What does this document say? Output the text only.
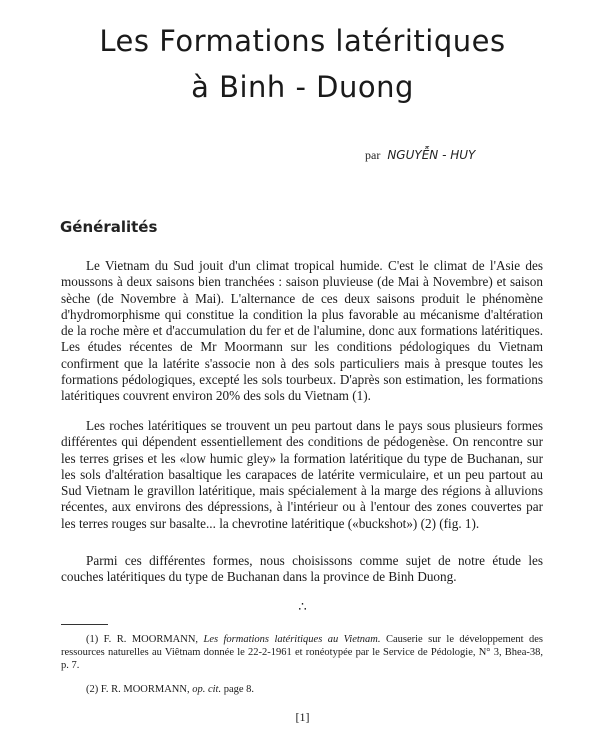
Les Formations latéritiques
à Binh - Duong
par NGUYỄN - HUY
Généralités

Le Vietnam du Sud jouit d'un climat tropical humide. C'est le climat de l'Asie des moussons à deux saisons bien tranchées : saison pluvieuse (de Mai à Novembre) et saison sèche (de Novembre à Mai). L'alternance de ces deux saisons produit le phénomène d'hydromorphisme qui constitue la condition la plus favorable au mécanisme d'altération de la roche mère et d'accumulation du fer et de l'alumine, donc aux formations latéritiques. Les études récentes de Mr Moormann sur les conditions pédologiques du Vietnam confirment que la latérite s'associe non à des sols particuliers mais à presque toutes les formations pédologiques, excepté les sols tourbeux. D'après son estimation, les formations latéritiques couvrent environ 20% des sols du Vietnam (1).

Les roches latéritiques se trouvent un peu partout dans le pays sous plusieurs formes différentes qui dépendent essentiellement des conditions de pédogenèse. On rencontre sur les terres grises et les «low humic gley» la formation latéritique du type de Buchanan, sur les sols d'altération basaltique les carapaces de latérite vermiculaire, et un peu partout au Sud Vietnam le gravillon latéritique, mais spécialement à la marge des régions à alluvions récentes, aux environs des dépressions, à l'intérieur ou à l'entour des zones couvertes par les terres rouges sur basalte... la chevrotine latéritique («buckshot») (2) (fig. 1).

Parmi ces différentes formes, nous choisissons comme sujet de notre étude les couches latéritiques du type de Buchanan dans la province de Binh Duong.

∴

(1) F. R. MOORMANN, Les formations latéritiques au Vietnam. Causerie sur le développement des ressources naturelles au Viêtnam donnée le 22-2-1961 et ronéotypée par le Service de Pédologie, N° 3, Bhea-38, p. 7.

(2) F. R. MOORMANN, op. cit. page 8.

[1]
